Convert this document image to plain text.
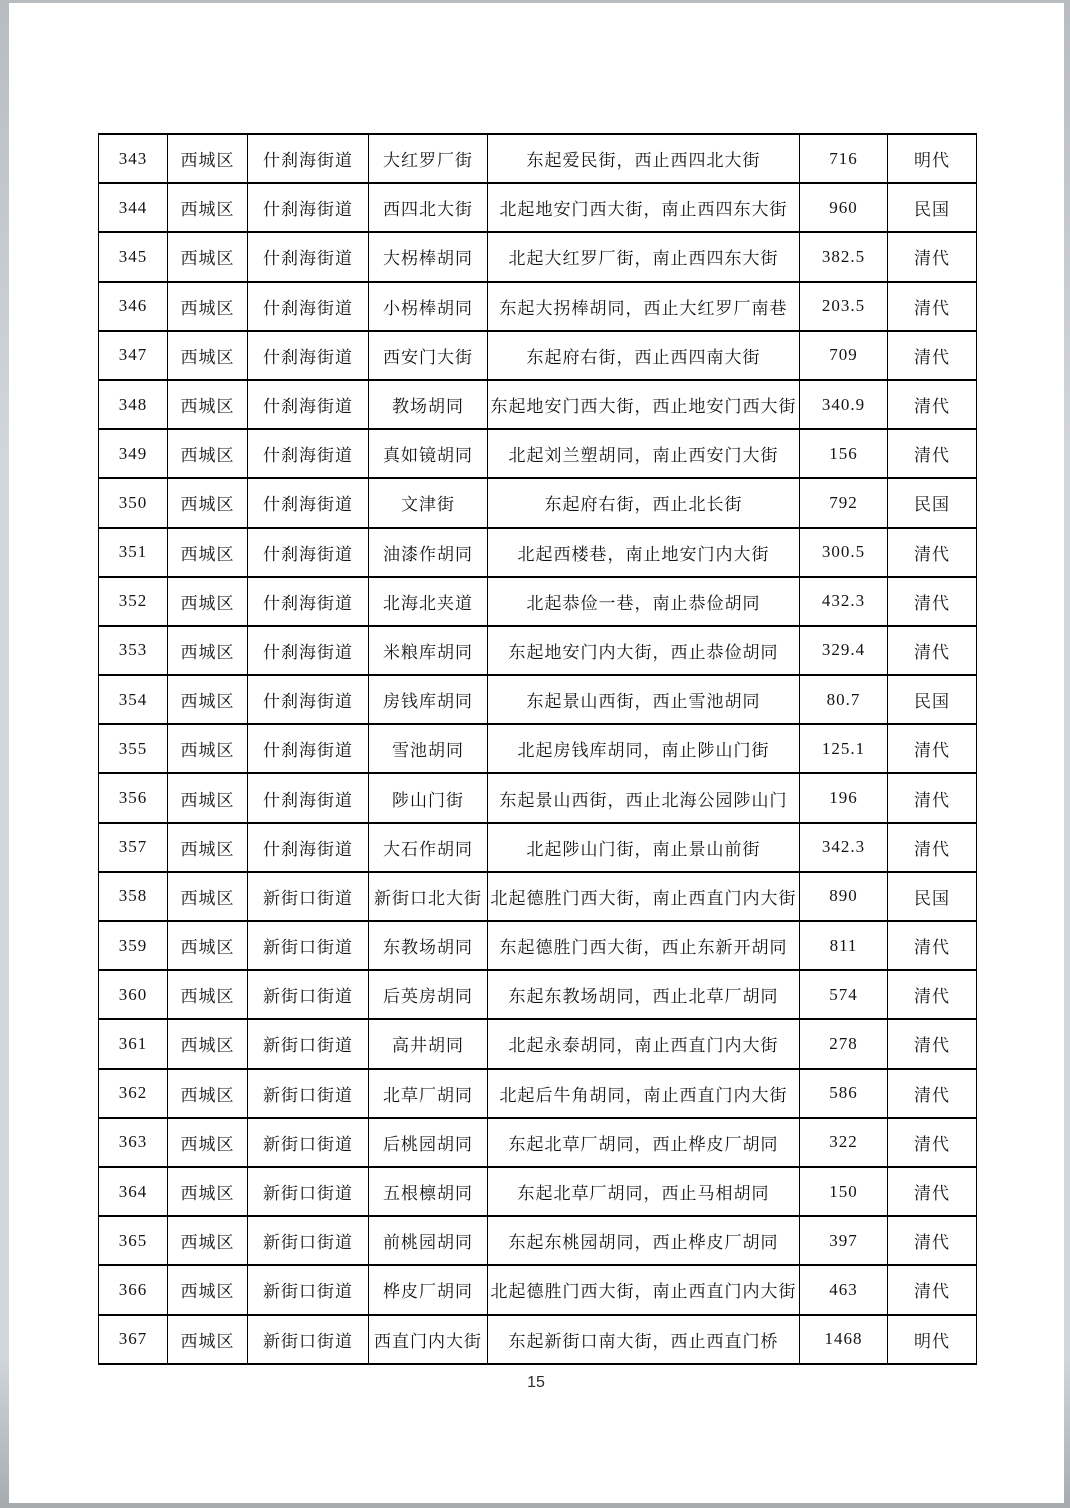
343	西城区	什刹海街道	大红罗厂街	东起爱民街，西止西四北大街	716	明代
344	西城区	什刹海街道	西四北大街	北起地安门西大街，南止西四东大街	960	民国
345	西城区	什刹海街道	大柺棒胡同	北起大红罗厂街，南止西四东大街	382.5	清代
346	西城区	什刹海街道	小柺棒胡同	东起大拐棒胡同，西止大红罗厂南巷	203.5	清代
347	西城区	什刹海街道	西安门大街	东起府右街，西止西四南大街	709	清代
348	西城区	什刹海街道	教场胡同	东起地安门西大街，西止地安门西大街	340.9	清代
349	西城区	什刹海街道	真如镜胡同	北起刘兰塑胡同，南止西安门大街	156	清代
350	西城区	什刹海街道	文津街	东起府右街，西止北长街	792	民国
351	西城区	什刹海街道	油漆作胡同	北起西楼巷，南止地安门内大街	300.5	清代
352	西城区	什刹海街道	北海北夹道	北起恭俭一巷，南止恭俭胡同	432.3	清代
353	西城区	什刹海街道	米粮库胡同	东起地安门内大街，西止恭俭胡同	329.4	清代
354	西城区	什刹海街道	房钱库胡同	东起景山西街，西止雪池胡同	80.7	民国
355	西城区	什刹海街道	雪池胡同	北起房钱库胡同，南止陟山门街	125.1	清代
356	西城区	什刹海街道	陟山门街	东起景山西街，西止北海公园陟山门	196	清代
357	西城区	什刹海街道	大石作胡同	北起陟山门街，南止景山前街	342.3	清代
358	西城区	新街口街道	新街口北大街	北起德胜门西大街，南止西直门内大街	890	民国
359	西城区	新街口街道	东教场胡同	东起德胜门西大街，西止东新开胡同	811	清代
360	西城区	新街口街道	后英房胡同	东起东教场胡同，西止北草厂胡同	574	清代
361	西城区	新街口街道	高井胡同	北起永泰胡同，南止西直门内大街	278	清代
362	西城区	新街口街道	北草厂胡同	北起后牛角胡同，南止西直门内大街	586	清代
363	西城区	新街口街道	后桃园胡同	东起北草厂胡同，西止桦皮厂胡同	322	清代
364	西城区	新街口街道	五根檩胡同	东起北草厂胡同，西止马相胡同	150	清代
365	西城区	新街口街道	前桃园胡同	东起东桃园胡同，西止桦皮厂胡同	397	清代
366	西城区	新街口街道	桦皮厂胡同	北起德胜门西大街，南止西直门内大街	463	清代
367	西城区	新街口街道	西直门内大街	东起新街口南大街，西止西直门桥	1468	明代
15
